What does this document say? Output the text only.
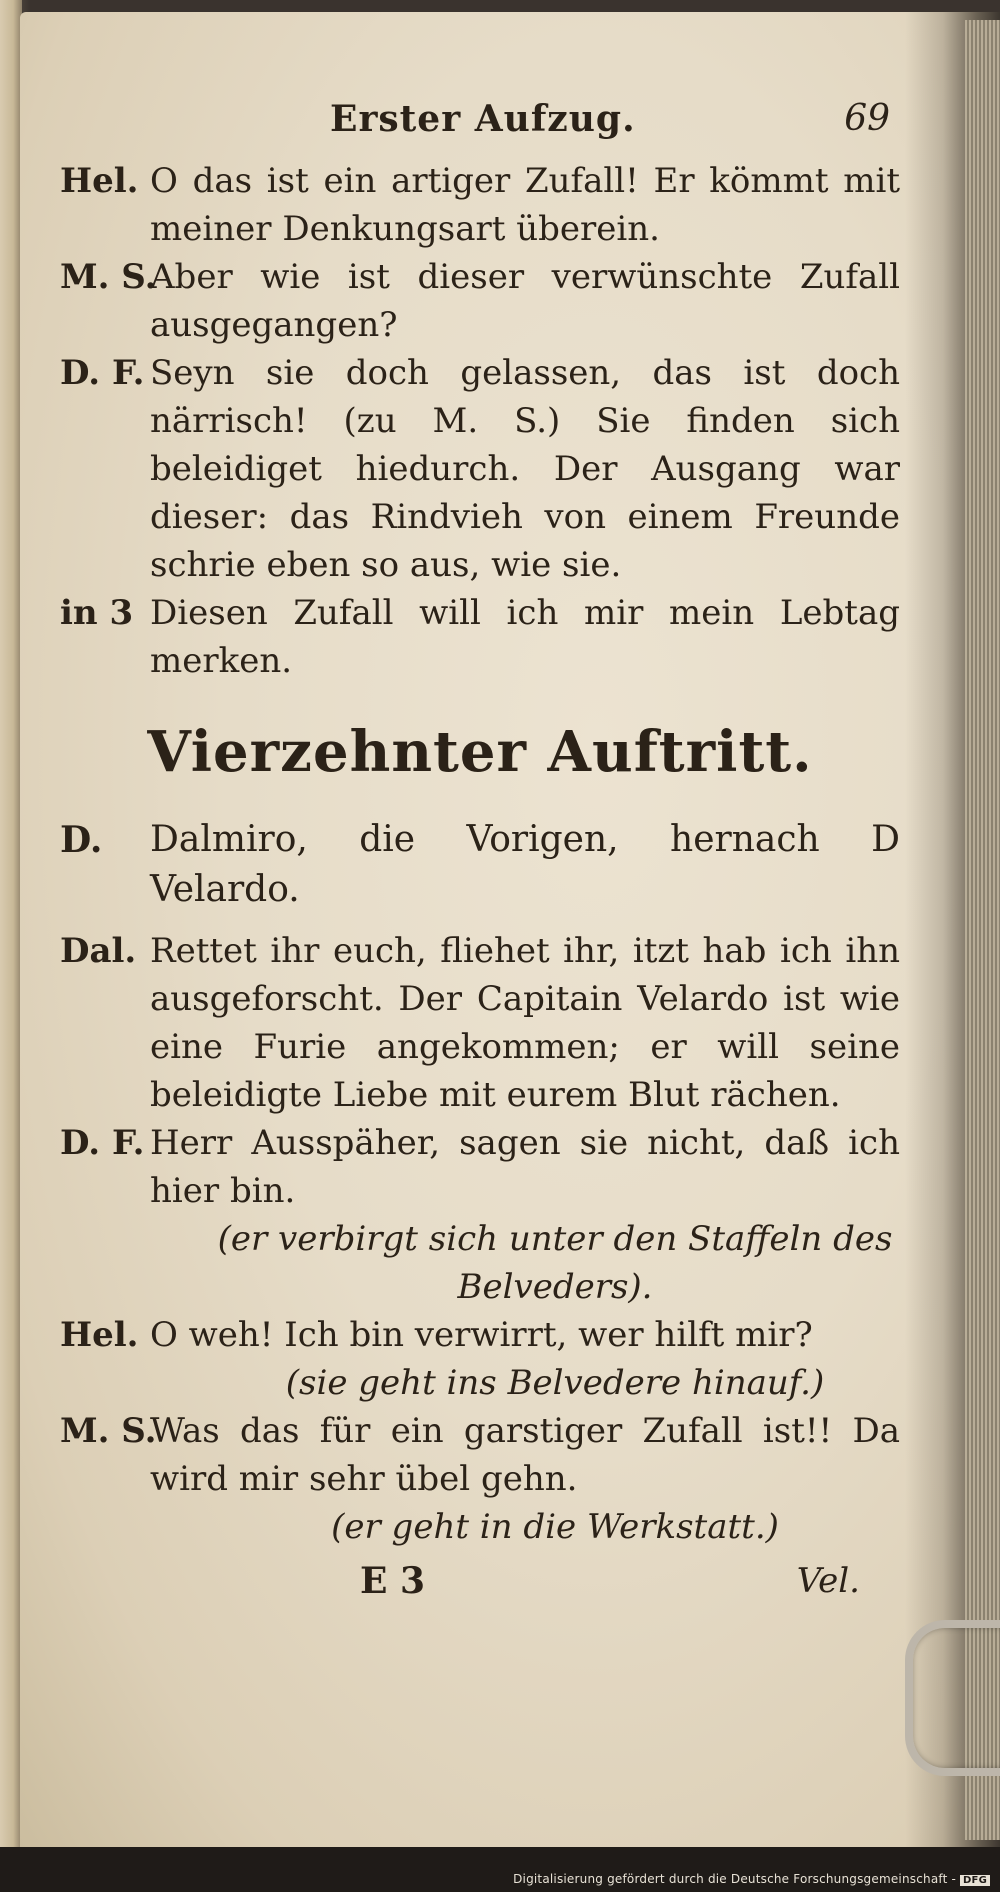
Erster Aufzug.	69
Hel. O das ist ein artiger Zufall! Er kömmt mit meiner Denkungsart überein.
M. S.
Aber wie ist dieser verwünschte Zufall ausgegangen?
D. F. Seyn sie doch gelassen, das ist doch närrisch! (zu M. S.) Sie finden sich beleidiget hiedurch. Der Ausgang war dieser: das Rindvieh von einem Freunde schrie eben so aus, wie sie.
in 3 Diesen Zufall will ich mir mein Lebtag merken.
Vierzehnter Auftritt.
D. Dalmiro, die Vorigen, hernach D Velardo.
Dal. Rettet ihr euch, fliehet ihr, itzt hab ich ihn ausgeforscht. Der Capitain Velardo ist wie eine Furie angekommen; er will seine beleidigte Liebe mit eurem Blut rächen.
D. F. Herr Ausspäher, sagen sie nicht, daß ich hier bin.
(er verbirgt sich unter den Staffeln des Belveders).
Hel. O weh! Ich bin verwirrt, wer hilft mir?
(sie geht ins Belvedere hinauf.)
M. S.
Was das für ein garstiger Zufall ist!! Da wird mir sehr übel gehn.
(er geht in die Werkstatt.)
E 3	Vel.
Digitalisierung gefördert durch die Deutsche Forschungsgemeinschaft - DFG
